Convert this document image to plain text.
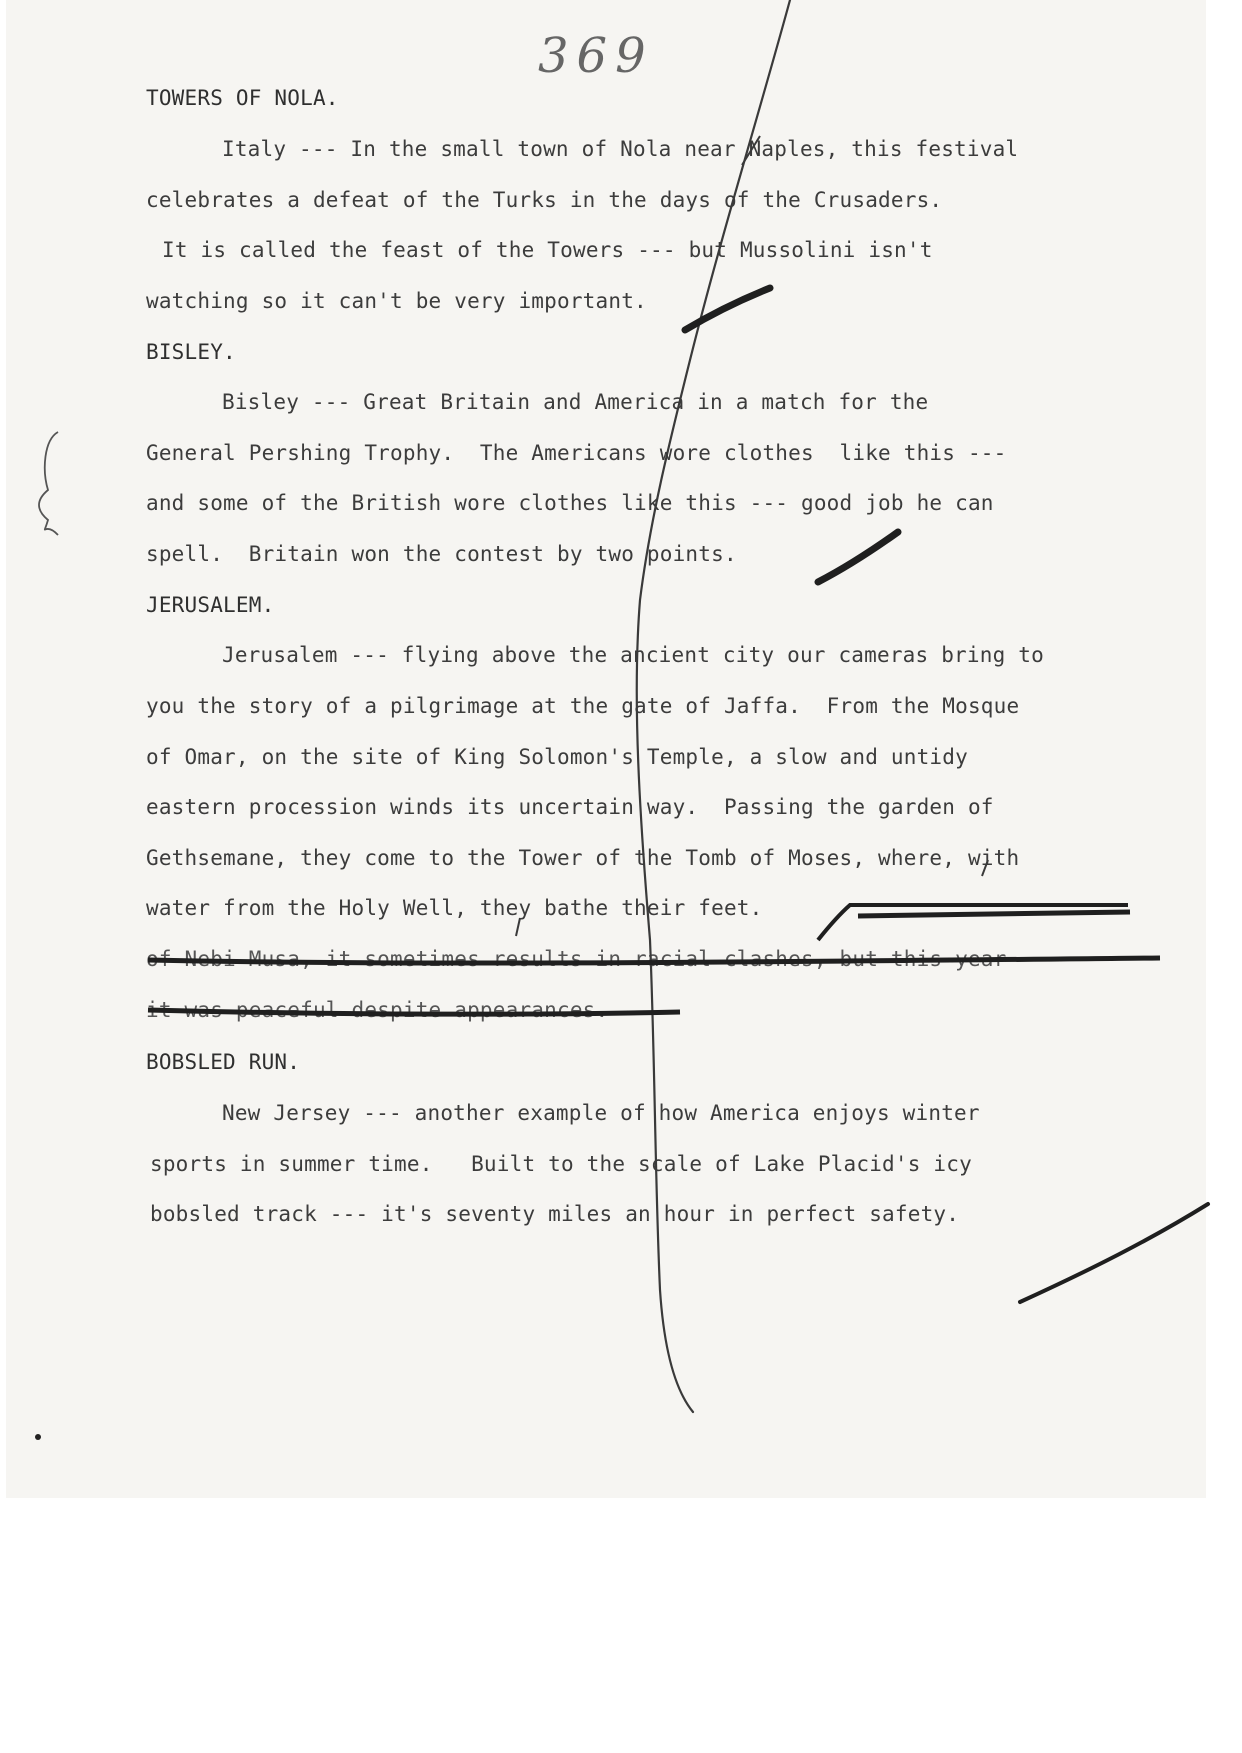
369
TOWERS OF NOLA.
Italy --- In the small town of Nola near Naples, this festival
celebrates a defeat of the Turks in the days of the Crusaders.
It is called the feast of the Towers --- but Mussolini isn't
watching so it can't be very important.
BISLEY.
Bisley --- Great Britain and America in a match for the
General Pershing Trophy.  The Americans wore clothes  like this ---
and some of the British wore clothes like this --- good job he can
spell.  Britain won the contest by two points.
JERUSALEM.
Jerusalem --- flying above the ancient city our cameras bring to
you the story of a pilgrimage at the gate of Jaffa.  From the Mosque
of Omar, on the site of King Solomon's Temple, a slow and untidy
eastern procession winds its uncertain way.  Passing the garden of
Gethsemane, they come to the Tower of the Tomb of Moses, where, with
water from the Holy Well, they bathe their feet.
of Nebi Musa, it sometimes results in racial clashes, but this year
it was peaceful despite appearances.
BOBSLED RUN.
New Jersey --- another example of how America enjoys winter
sports in summer time.   Built to the scale of Lake Placid's icy
bobsled track --- it's seventy miles an hour in perfect safety.
